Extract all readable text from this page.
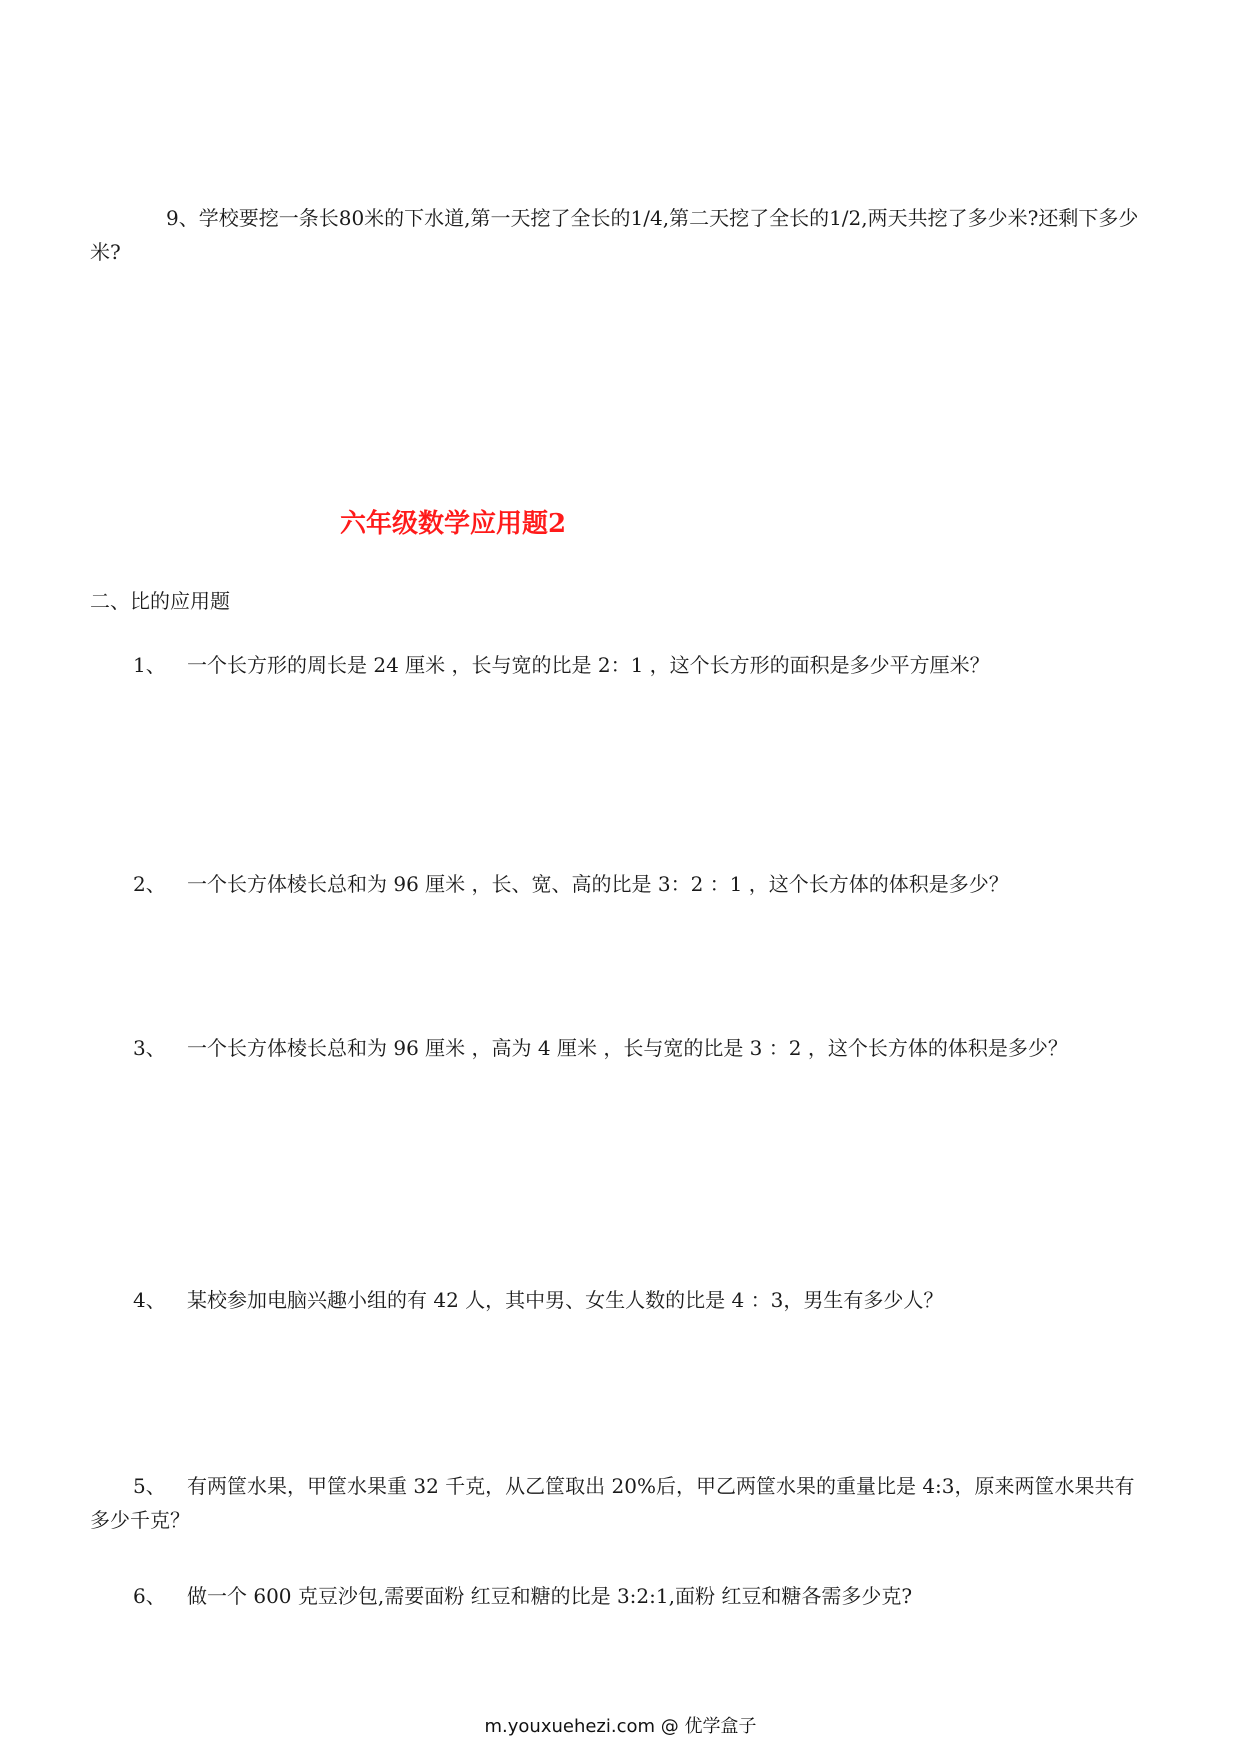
9、学校要挖一条长80米的下水道,第一天挖了全长的1/4,第二天挖了全长的1/2,两天共挖了多少米?还剩下多少米?
六年级数学应用题2
二、比的应用题
1、 一个长方形的周长是 24 厘米 ，长与宽的比是 2：1 ，这个长方形的面积是多少平方厘米？
2、 一个长方体棱长总和为 96 厘米 ，长、宽、高的比是 3：2 ：1 ，这个长方体的体积是多少？
3、 一个长方体棱长总和为 96 厘米 ，高为 4 厘米 ，长与宽的比是 3 ：2 ，这个长方体的体积是多少？
4、 某校参加电脑兴趣小组的有 42 人，其中男、女生人数的比是 4 ：3，男生有多少人？
5、	有两筐水果，甲筐水果重 32 千克，从乙筐取出 20%后，甲乙两筐水果的重量比是 4:3，原来两筐水果共有多少千克？
6、 做一个 600 克豆沙包,需要面粉 红豆和糖的比是 3:2:1,面粉 红豆和糖各需多少克?
m.youxuehezi.com @ 优学盒子
